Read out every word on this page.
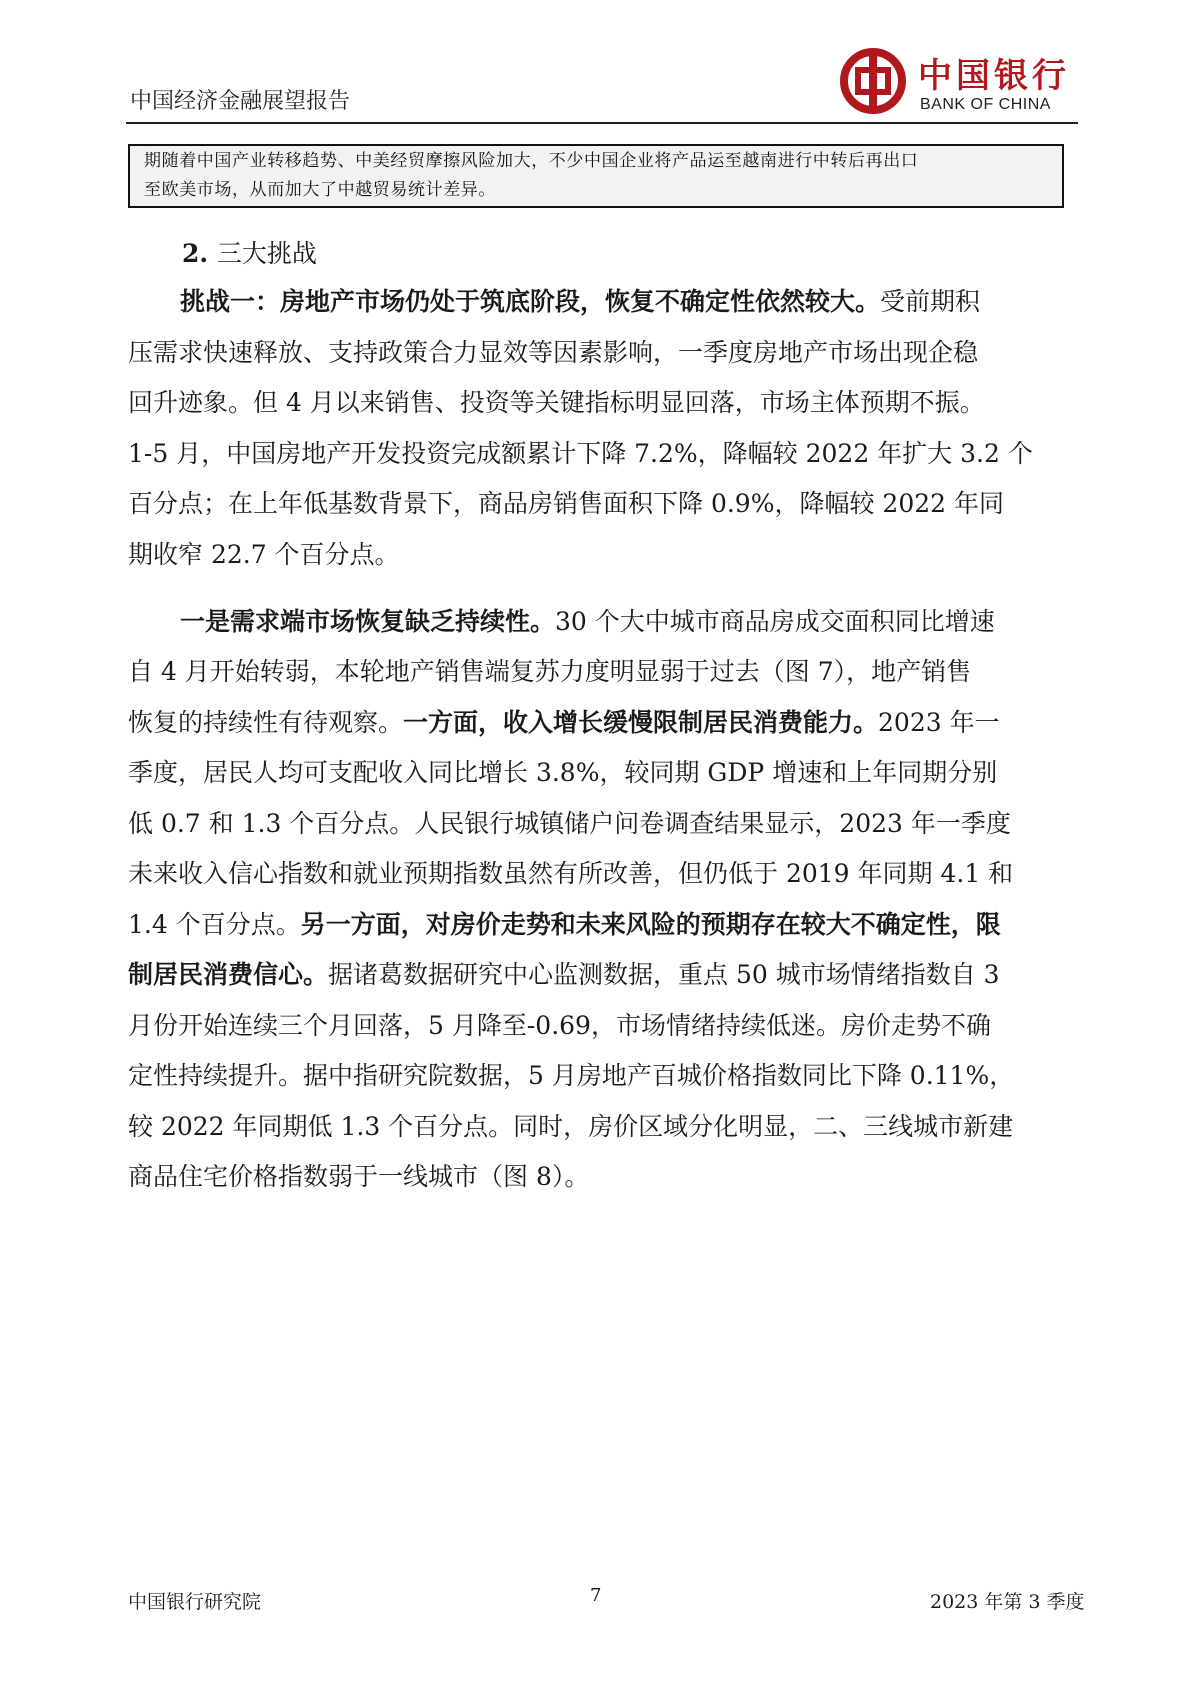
中国经济金融展望报告
中国银行
BANK OF CHINA

期随着中国产业转移趋势、中美经贸摩擦风险加大，不少中国企业将产品运至越南进行中转后再出口

至欧美市场，从而加大了中越贸易统计差异。

2. 三大挑战
挑战一：房地产市场仍处于筑底阶段，恢复不确定性依然较大。受前期积
压需求快速释放、支持政策合力显效等因素影响，一季度房地产市场出现企稳
回升迹象。但 4 月以来销售、投资等关键指标明显回落，市场主体预期不振。
1-5 月，中国房地产开发投资完成额累计下降 7.2%，降幅较 2022 年扩大 3.2 个
百分点；在上年低基数背景下，商品房销售面积下降 0.9%，降幅较 2022 年同
期收窄 22.7 个百分点。
一是需求端市场恢复缺乏持续性。30 个大中城市商品房成交面积同比增速
自 4 月开始转弱，本轮地产销售端复苏力度明显弱于过去（图 7），地产销售
恢复的持续性有待观察。一方面，收入增长缓慢限制居民消费能力。2023 年一
季度，居民人均可支配收入同比增长 3.8%，较同期 GDP 增速和上年同期分别
低 0.7 和 1.3 个百分点。人民银行城镇储户问卷调查结果显示，2023 年一季度
未来收入信心指数和就业预期指数虽然有所改善，但仍低于 2019 年同期 4.1 和
1.4 个百分点。另一方面，对房价走势和未来风险的预期存在较大不确定性，限
制居民消费信心。据诸葛数据研究中心监测数据，重点 50 城市场情绪指数自 3
月份开始连续三个月回落，5 月降至-0.69，市场情绪持续低迷。房价走势不确
定性持续提升。据中指研究院数据，5 月房地产百城价格指数同比下降 0.11%，
较 2022 年同期低 1.3 个百分点。同时，房价区域分化明显，二、三线城市新建
商品住宅价格指数弱于一线城市（图 8）。
中国银行研究院	7	2023 年第 3 季度
